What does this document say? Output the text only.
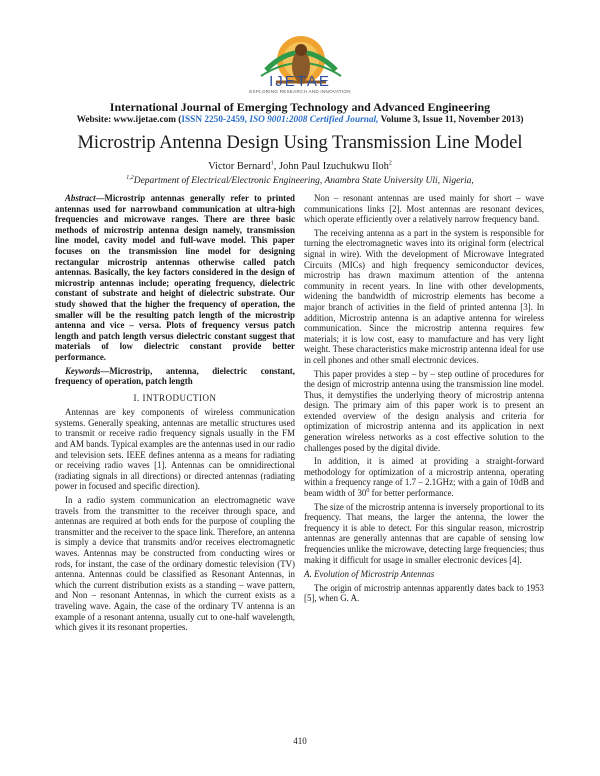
IJETAE
EXPLORING RESEARCH AND INNOVATION
International Journal of Emerging Technology and Advanced Engineering
Website: www.ijetae.com (ISSN 2250-2459, ISO 9001:2008 Certified Journal, Volume 3, Issue 11, November 2013)
Microstrip Antenna Design Using Transmission Line Model
Victor Bernard$^1$, John Paul Izuchukwu Iloh$^2$
$^{1,2}$Department of Electrical/Electronic Engineering, Anambra State University Uli, Nigeria,

Abstract—Microstrip antennas generally refer to printed antennas used for narrowband communication at ultra-high frequencies and microwave ranges. There are three basic methods of microstrip antenna design namely, transmission line model, cavity model and full-wave model. This paper focuses on the transmission line model for designing rectangular microstrip antennas otherwise called patch antennas. Basically, the key factors considered in the design of microstrip antennas include; operating frequency, dielectric constant of substrate and height of dielectric substrate. Our study showed that the higher the frequency of operation, the smaller will be the resulting patch length of the microstrip antenna and vice – versa. Plots of frequency versus patch length and patch length versus dielectric constant suggest that materials of low dielectric constant provide better performance.

Keywords—Microstrip, antenna, dielectric constant, frequency of operation, patch length

I. INTRODUCTION

Antennas are key components of wireless communication systems. Generally speaking, antennas are metallic structures used to transmit or receive radio frequency signals usually in the FM and AM bands. Typical examples are the antennas used in our radio and television sets. IEEE defines antenna as a means for radiating or receiving radio waves [1]. Antennas can be omnidirectional (radiating signals in all directions) or directed antennas (radiating power in focused and specific direction).

In a radio system communication an electromagnetic wave travels from the transmitter to the receiver through space, and antennas are required at both ends for the purpose of coupling the transmitter and the receiver to the space link. Therefore, an antenna is simply a device that transmits and/or receives electromagnetic waves. Antennas may be constructed from conducting wires or rods, for instant, the case of the ordinary domestic television (TV) antenna. Antennas could be classified as Resonant Antennas, in which the current distribution exists as a standing – wave pattern, and Non – resonant Antennas, in which the current exists as a traveling wave. Again, the case of the ordinary TV antenna is an example of a resonant antenna, usually cut to one-half wavelength, which gives it its resonant properties.

Non – resonant antennas are used mainly for short – wave communications links [2]. Most antennas are resonant devices, which operate efficiently over a relatively narrow frequency band.

The receiving antenna as a part in the system is responsible for turning the electromagnetic waves into its original form (electrical signal in wire). With the development of Microwave Integrated Circuits (MICs) and high frequency semiconductor devices, microstrip has drawn maximum attention of the antenna community in recent years. In line with other developments, widening the bandwidth of microstrip elements has become a major branch of activities in the field of printed antenna [3]. In addition, Microstrip antenna is an adaptive antenna for wireless communication. Since the microstrip antenna requires few materials; it is low cost, easy to manufacture and has very light weight. These characteristics make microstrip antenna ideal for use in cell phones and other small electronic devices.

This paper provides a step – by – step outline of procedures for the design of microstrip antenna using the transmission line model. Thus, it demystifies the underlying theory of microstrip antenna design. The primary aim of this paper work is to present an extended overview of the design analysis and criteria for optimization of microstrip antenna and its application in next generation wireless networks as a cost effective solution to the challenges posed by the digital divide.

In addition, it is aimed at providing a straight-forward methodology for optimization of a microstrip antenna, operating within a frequency range of 1.7 – 2.1GHz; with a gain of 10dB and beam width of $30^0$ for better performance.

The size of the microstrip antenna is inversely proportional to its frequency. That means, the larger the antenna, the lower the frequency it is able to detect. For this singular reason, microstrip antennas are generally antennas that are capable of sensing low frequencies unlike the microwave, detecting large frequencies; thus making it difficult for usage in smaller electronic devices [4].

A. Evolution of Microstrip Antennas

The origin of microstrip antennas apparently dates back to 1953 [5], when G. A.

410
